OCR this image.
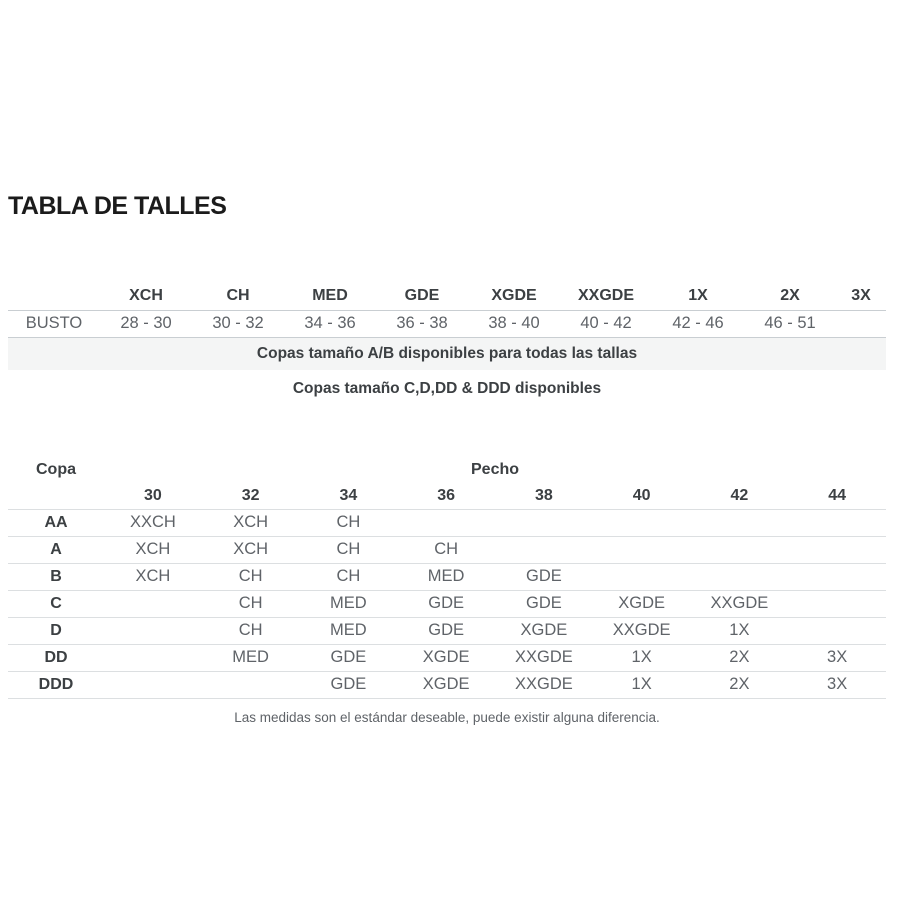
TABLA DE TALLES
	XCH	CH	MED	GDE	XGDE	XXGDE	1X	2X	3X
BUSTO	28 - 30	30 - 32	34 - 36	36 - 38	38 - 40	40 - 42	42 - 46	46 - 51	
Copas tamaño A/B disponibles para todas las tallas									
Copas tamaño C,D,DD & DDD disponibles									
Copa	Pecho							
	30	32	34	36	38	40	42	44
AA	XXCH	XCH	CH					
A	XCH	XCH	CH	CH				
B	XCH	CH	CH	MED	GDE			
C		CH	MED	GDE	GDE	XGDE	XXGDE	
D		CH	MED	GDE	XGDE	XXGDE	1X	
DD		MED	GDE	XGDE	XXGDE	1X	2X	3X
DDD			GDE	XGDE	XXGDE	1X	2X	3X
Las medidas son el estándar deseable, puede existir alguna diferencia.
